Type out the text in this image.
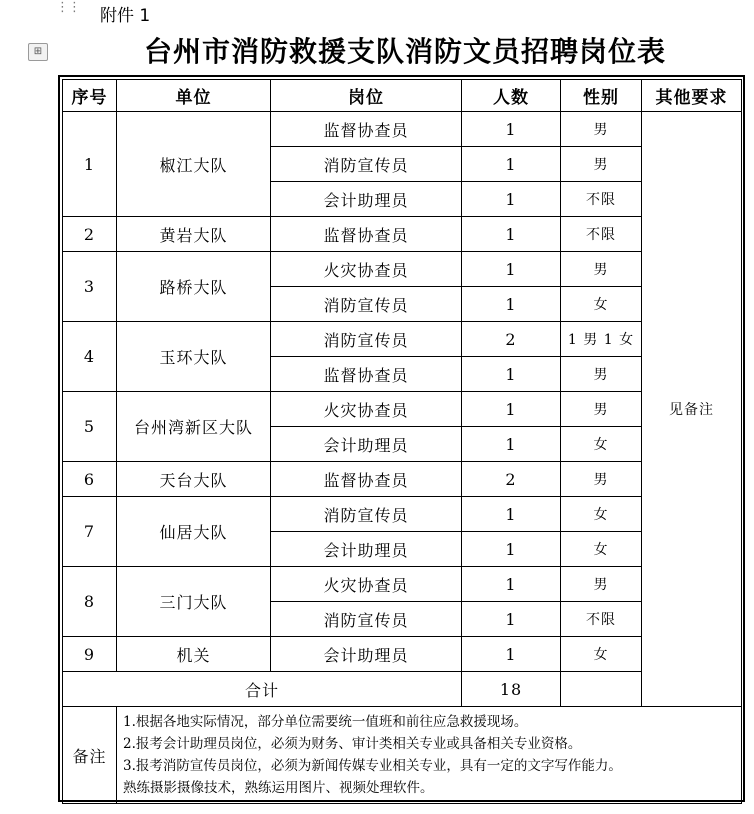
⋮⋮ 附件 1
⊞	台州市消防救援支队消防文员招聘岗位表
序号	单位	岗位	人数	性别	其他要求
1	椒江大队	监督协查员	1	男	见备注
		消防宣传员	1	男	
		会计助理员	1	不限	
2	黄岩大队	监督协查员	1	不限	
3	路桥大队	火灾协查员	1	男	
		消防宣传员	1	女	
4	玉环大队	消防宣传员	2	1 男 1 女	
		监督协查员	1	男	
5	台州湾新区大队	火灾协查员	1	男	
		会计助理员	1	女	
6	天台大队	监督协查员	2	男	
7	仙居大队	消防宣传员	1	女	
		会计助理员	1	女	
8	三门大队	火灾协查员	1	男	
		消防宣传员	1	不限	
9	机关	会计助理员	1	女	
合计			18		
备注	1.根据各地实际情况，部分单位需要统一值班和前往应急救援现场。
2.报考会计助理员岗位，必须为财务、审计类相关专业或具备相关专业资格。
3.报考消防宣传员岗位，必须为新闻传媒专业相关专业，具有一定的文字写作能力。
熟练摄影摄像技术，熟练运用图片、视频处理软件。				
